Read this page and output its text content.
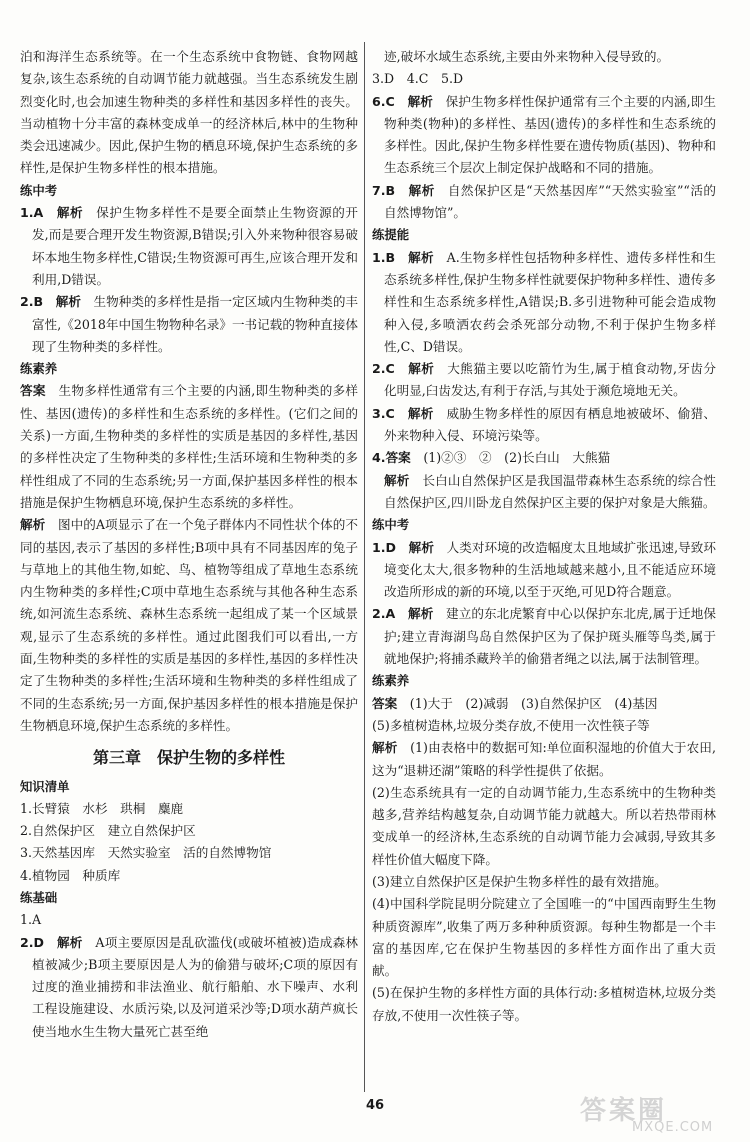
泊和海洋生态系统等。在一个生态系统中食物链、食物网越复杂,该生态系统的自动调节能力就越强。当生态系统发生剧烈变化时,也会加速生物种类的多样性和基因多样性的丧失。当动植物十分丰富的森林变成单一的经济林后,林中的生物种类会迅速减少。因此,保护生物的栖息环境,保护生态系统的多样性,是保护生物多样性的根本措施。

练中考

1.A　解析　保护生物多样性不是要全面禁止生物资源的开发,而是要合理开发生物资源,B错误;引入外来物种很容易破坏本地生物多样性,C错误;生物资源可再生,应该合理开发和利用,D错误。

2.B　解析　生物种类的多样性是指一定区域内生物种类的丰富性,《2018年中国生物物种名录》一书记载的物种直接体现了生物种类的多样性。

练素养

答案　生物多样性通常有三个主要的内涵,即生物种类的多样性、基因(遗传)的多样性和生态系统的多样性。(它们之间的关系)一方面,生物种类的多样性的实质是基因的多样性,基因的多样性决定了生物种类的多样性;生活环境和生物种类的多样性组成了不同的生态系统;另一方面,保护基因多样性的根本措施是保护生物栖息环境,保护生态系统的多样性。

解析　图中的A项显示了在一个兔子群体内不同性状个体的不同的基因,表示了基因的多样性;B项中具有不同基因库的兔子与草地上的其他生物,如蛇、鸟、植物等组成了草地生态系统内生物种类的多样性;C项中草地生态系统与其他各种生态系统,如河流生态系统、森林生态系统一起组成了某一个区域景观,显示了生态系统的多样性。通过此图我们可以看出,一方面,生物种类的多样性的实质是基因的多样性,基因的多样性决定了生物种类的多样性;生活环境和生物种类的多样性组成了不同的生态系统;另一方面,保护基因多样性的根本措施是保护生物栖息环境,保护生态系统的多样性。

第三章　保护生物的多样性

知识清单

1.长臂猿　水杉　珙桐　麋鹿

2.自然保护区　建立自然保护区

3.天然基因库　天然实验室　活的自然博物馆

4.植物园　种质库

练基础

1.A

2.D　解析　A项主要原因是乱砍滥伐(或破坏植被)造成森林植被减少;B项主要原因是人为的偷猎与破坏;C项的原因有过度的渔业捕捞和非法渔业、航行船舶、水下噪声、水利工程设施建设、水质污染,以及河道采沙等;D项水葫芦疯长使当地水生生物大量死亡甚至绝

迹,破坏水域生态系统,主要由外来物种入侵导致的。

3.D　4.C　5.D

6.C　解析　保护生物多样性保护通常有三个主要的内涵,即生物种类(物种)的多样性、基因(遗传)的多样性和生态系统的多样性。因此,保护生物多样性要在遗传物质(基因)、物种和生态系统三个层次上制定保护战略和不同的措施。

7.B　解析　自然保护区是“天然基因库”“天然实验室”“活的自然博物馆”。

练提能

1.B　解析　A.生物多样性包括物种多样性、遗传多样性和生态系统多样性,保护生物多样性就要保护物种多样性、遗传多样性和生态系统多样性,A错误;B.多引进物种可能会造成物种入侵,多喷洒农药会杀死部分动物,不利于保护生物多样性,C、D错误。

2.C　解析　大熊猫主要以吃箭竹为生,属于植食动物,牙齿分化明显,臼齿发达,有利于存活,与其处于濒危境地无关。

3.C　解析　威胁生物多样性的原因有栖息地被破坏、偷猎、外来物种入侵、环境污染等。

4.答案　(1)②③　②　(2)长白山　大熊猫

解析　长白山自然保护区是我国温带森林生态系统的综合性自然保护区,四川卧龙自然保护区主要的保护对象是大熊猫。

练中考

1.D　解析　人类对环境的改造幅度太且地域扩张迅速,导致环境变化太大,很多物种的生活地域越来越小,且不能适应环境改造所形成的新的环境,以至于灭绝,可见D符合题意。

2.A　解析　建立的东北虎繁育中心以保护东北虎,属于迁地保护;建立青海湖鸟岛自然保护区为了保护斑头雁等鸟类,属于就地保护;将捕杀藏羚羊的偷猎者绳之以法,属于法制管理。

练素养

答案　(1)大于　(2)减弱　(3)自然保护区　(4)基因

(5)多植树造林,垃圾分类存放,不使用一次性筷子等

解析　(1)由表格中的数据可知:单位面积湿地的价值大于农田,这为“退耕还湖”策略的科学性提供了依据。

(2)生态系统具有一定的自动调节能力,生态系统中的生物种类越多,营养结构越复杂,自动调节能力就越大。所以若热带雨林变成单一的经济林,生态系统的自动调节能力会减弱,导致其多样性价值大幅度下降。

(3)建立自然保护区是保护生物多样性的最有效措施。

(4)中国科学院昆明分院建立了全国唯一的“中国西南野生生物种质资源库”,收集了两万多种种质资源。每种生物都是一个丰富的基因库,它在保护生物基因的多样性方面作出了重大贡献。

(5)在保护生物的多样性方面的具体行动:多植树造林,垃圾分类存放,不使用一次性筷子等。

46	答案圈
MXQE.COM
